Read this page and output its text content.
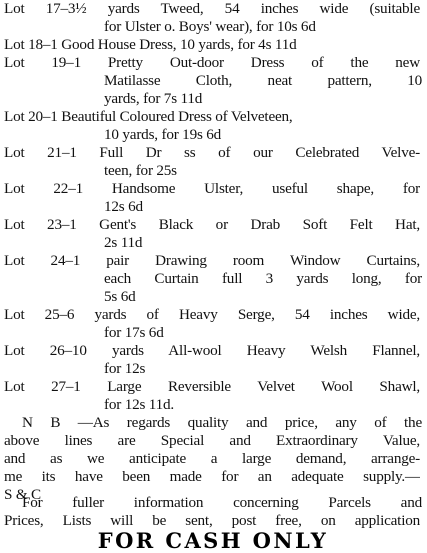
Lot 17–3½ yards Tweed, 54 inches wide (suitable
for Ulster o. Boys' wear), for 10s 6d
Lot 18–1 Good House Dress, 10 yards, for 4s 11d
Lot 19–1 Pretty Out-door Dress of the new
Matilasse Cloth, neat pattern, 10
yards, for 7s 11d
Lot 20–1 Beautiful Coloured Dress of Velveteen,
10 yards, for 19s 6d
Lot 21–1 Full Dr ss of our Celebrated Velve-
teen, for 25s
Lot 22–1 Handsome Ulster, useful shape, for
12s 6d
Lot 23–1 Gent's Black or Drab Soft Felt Hat,
2s 11d
Lot 24–1 pair Drawing room Window Curtains,
each Curtain full 3 yards long, for
5s 6d
Lot 25–6 yards of Heavy Serge, 54 inches wide,
for 17s 6d
Lot 26–10 yards All-wool Heavy Welsh Flannel,
for 12s
Lot 27–1 Large Reversible Velvet Wool Shawl,
for 12s 11d.
N B —As regards quality and price, any of the
above lines are Special and Extraordinary Value,
and as we anticipate a large demand, arrange-
me its have been made for an adequate supply.—
S & C
For fuller information concerning Parcels and
Prices, Lists will be sent, post free, on application
FOR CASH ONLY
